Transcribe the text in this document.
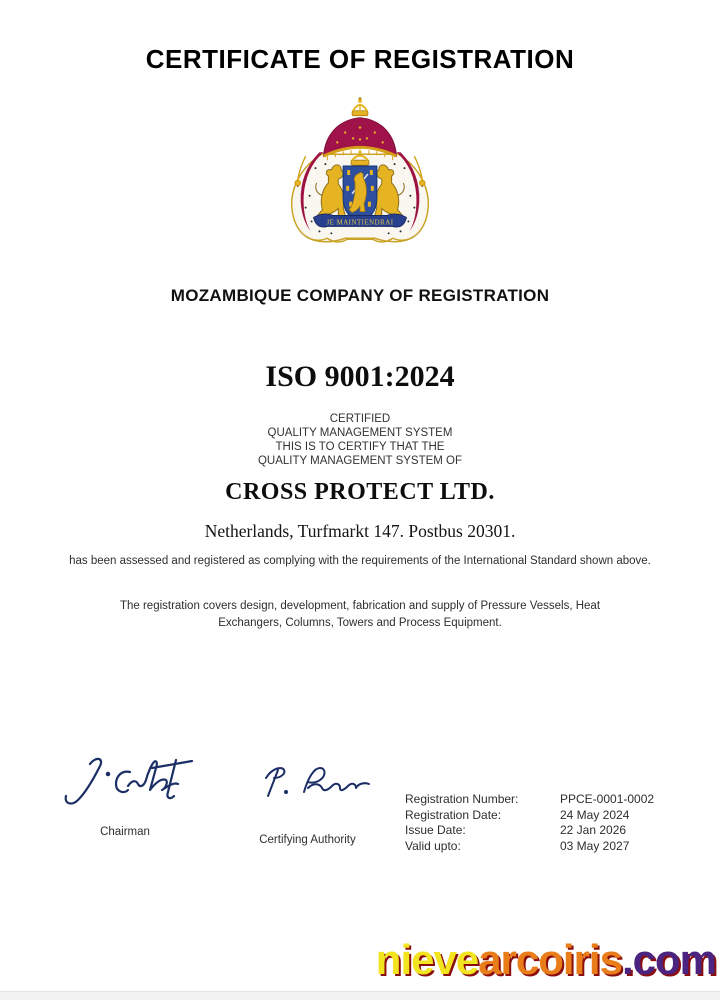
CERTIFICATE OF REGISTRATION
JE MAINTIENDRAI
MOZAMBIQUE COMPANY OF REGISTRATION
ISO 9001:2024
CERTIFIED
QUALITY MANAGEMENT SYSTEM
THIS IS TO CERTIFY THAT THE
QUALITY MANAGEMENT SYSTEM OF
CROSS PROTECT LTD.
Netherlands, Turfmarkt 147. Postbus 20301.
has been assessed and registered as complying with the requirements of the International Standard shown above.
The registration covers design, development, fabrication and supply of Pressure Vessels, Heat Exchangers, Columns, Towers and Process Equipment.
Chairman
Certifying Authority
Registration Number:	PPCE-0001-0002
Registration Date:	24 May 2024
Issue Date:	22 Jan 2026
Valid upto:	03 May 2027
nievearcoiris.com
